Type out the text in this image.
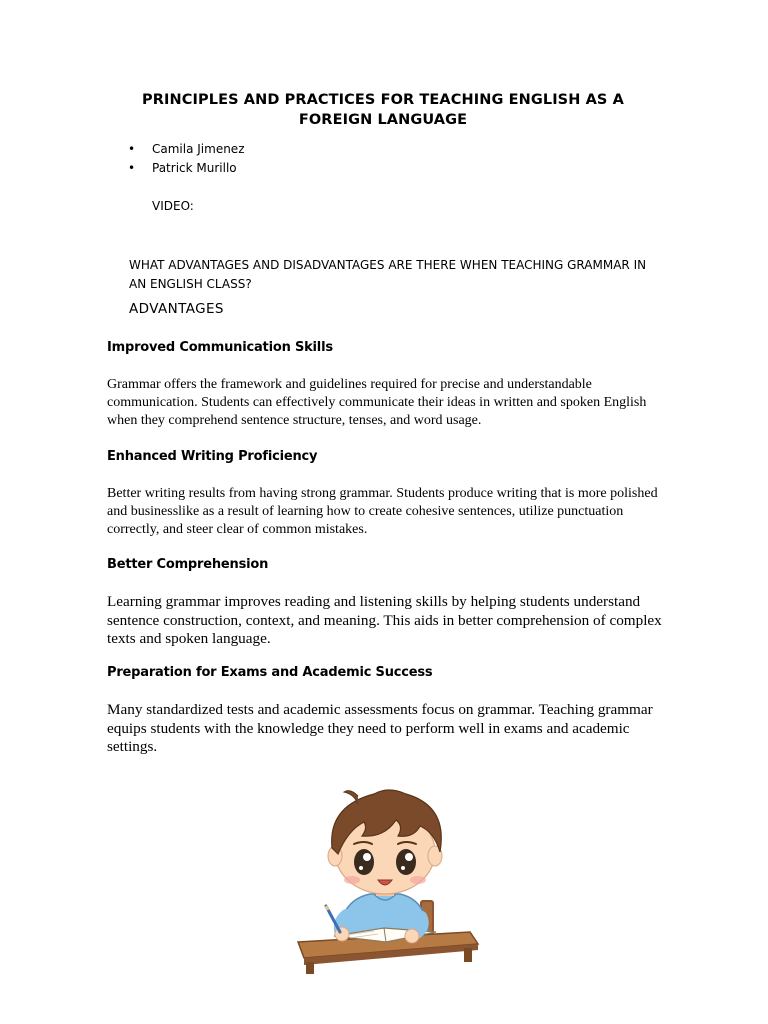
PRINCIPLES AND PRACTICES FOR TEACHING ENGLISH AS A FOREIGN LANGUAGE
• Camila Jimenez
• Patrick Murillo

VIDEO:

WHAT ADVANTAGES AND DISADVANTAGES ARE THERE WHEN TEACHING GRAMMAR IN AN ENGLISH CLASS?

ADVANTAGES

Improved Communication Skills

Grammar offers the framework and guidelines required for precise and understandable communication. Students can effectively communicate their ideas in written and spoken English when they comprehend sentence structure, tenses, and word usage.

Enhanced Writing Proficiency

Better writing results from having strong grammar. Students produce writing that is more polished and businesslike as a result of learning how to create cohesive sentences, utilize punctuation correctly, and steer clear of common mistakes.

Better Comprehension

Learning grammar improves reading and listening skills by helping students understand sentence construction, context, and meaning. This aids in better comprehension of complex texts and spoken language.

Preparation for Exams and Academic Success

Many standardized tests and academic assessments focus on grammar. Teaching grammar equips students with the knowledge they need to perform well in exams and academic settings.
